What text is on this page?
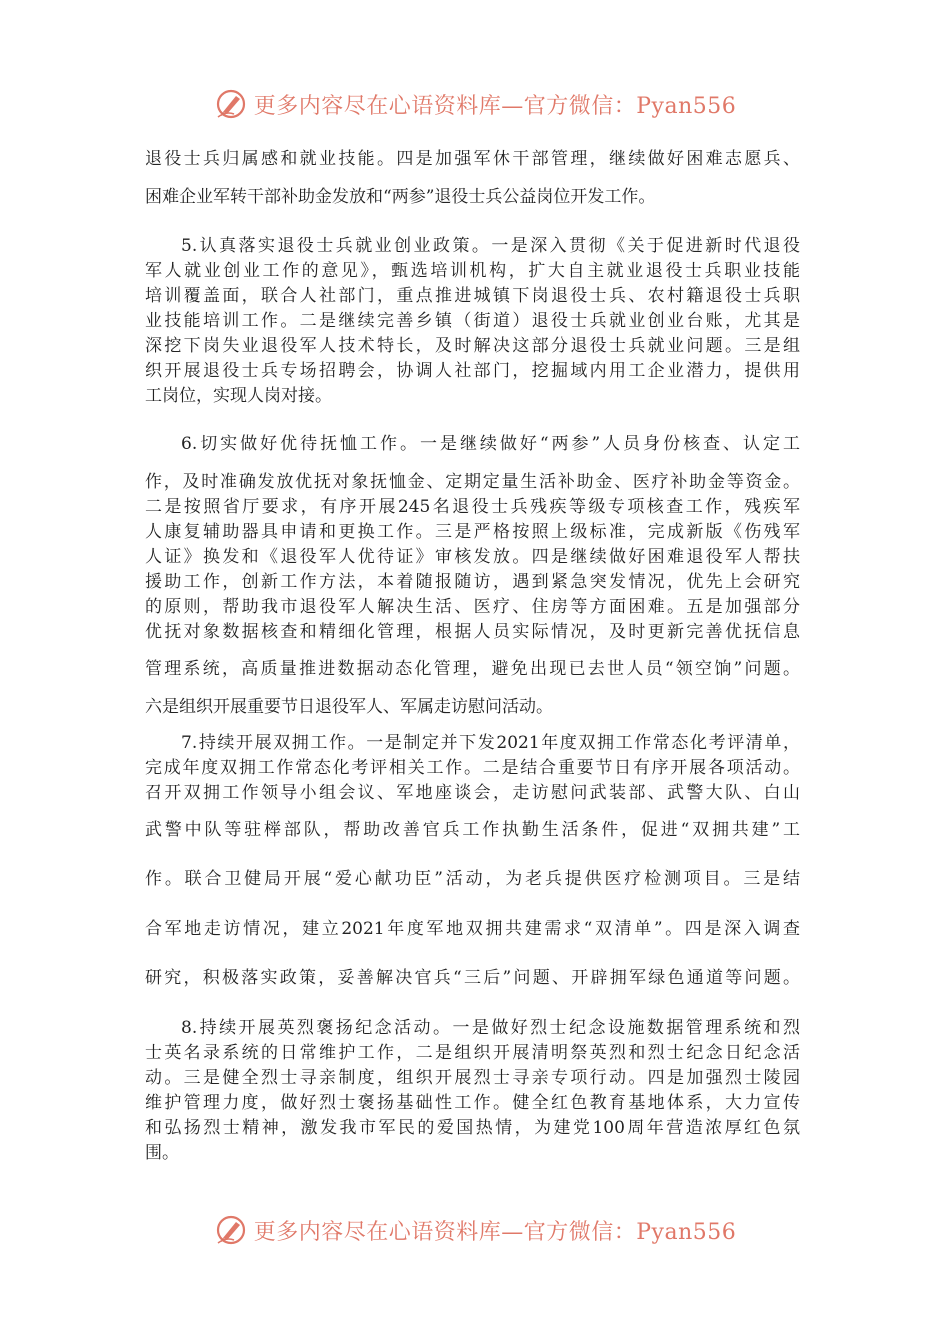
更多内容尽在心语资料库—官方微信：Pyan556
退役士兵归属感和就业技能。四是加强军休干部管理，继续做好困难志愿兵、
困难企业军转干部补助金发放和“两参”退役士兵公益岗位开发工作。
5.认真落实退役士兵就业创业政策。一是深入贯彻《关于促进新时代退役
军人就业创业工作的意见》，甄选培训机构，扩大自主就业退役士兵职业技能
培训覆盖面，联合人社部门，重点推进城镇下岗退役士兵、农村籍退役士兵职
业技能培训工作。二是继续完善乡镇（街道）退役士兵就业创业台账，尤其是
深挖下岗失业退役军人技术特长，及时解决这部分退役士兵就业问题。三是组
织开展退役士兵专场招聘会，协调人社部门，挖掘域内用工企业潜力，提供用
工岗位，实现人岗对接。
6.切实做好优待抚恤工作。一是继续做好“两参”人员身份核查、认定工
作，及时准确发放优抚对象抚恤金、定期定量生活补助金、医疗补助金等资金。
二是按照省厅要求，有序开展245名退役士兵残疾等级专项核查工作，残疾军
人康复辅助器具申请和更换工作。三是严格按照上级标准，完成新版《伤残军
人证》换发和《退役军人优待证》审核发放。四是继续做好困难退役军人帮扶
援助工作，创新工作方法，本着随报随访，遇到紧急突发情况，优先上会研究
的原则，帮助我市退役军人解决生活、医疗、住房等方面困难。五是加强部分
优抚对象数据核查和精细化管理，根据人员实际情况，及时更新完善优抚信息
管理系统，高质量推进数据动态化管理，避免出现已去世人员“领空饷”问题。
六是组织开展重要节日退役军人、军属走访慰问活动。
7.持续开展双拥工作。一是制定并下发2021年度双拥工作常态化考评清单，
完成年度双拥工作常态化考评相关工作。二是结合重要节日有序开展各项活动。
召开双拥工作领导小组会议、军地座谈会，走访慰问武装部、武警大队、白山
武警中队等驻榉部队，帮助改善官兵工作执勤生活条件，促进“双拥共建”工
作。联合卫健局开展“爱心献功臣”活动，为老兵提供医疗检测项目。三是结
合军地走访情况，建立2021年度军地双拥共建需求“双清单”。四是深入调查
研究，积极落实政策，妥善解决官兵“三后”问题、开辟拥军绿色通道等问题。
8.持续开展英烈褒扬纪念活动。一是做好烈士纪念设施数据管理系统和烈
士英名录系统的日常维护工作，二是组织开展清明祭英烈和烈士纪念日纪念活
动。三是健全烈士寻亲制度，组织开展烈士寻亲专项行动。四是加强烈士陵园
维护管理力度，做好烈士褒扬基础性工作。健全红色教育基地体系，大力宣传
和弘扬烈士精神，激发我市军民的爱国热情，为建党100周年营造浓厚红色氛
围。
更多内容尽在心语资料库—官方微信：Pyan556
